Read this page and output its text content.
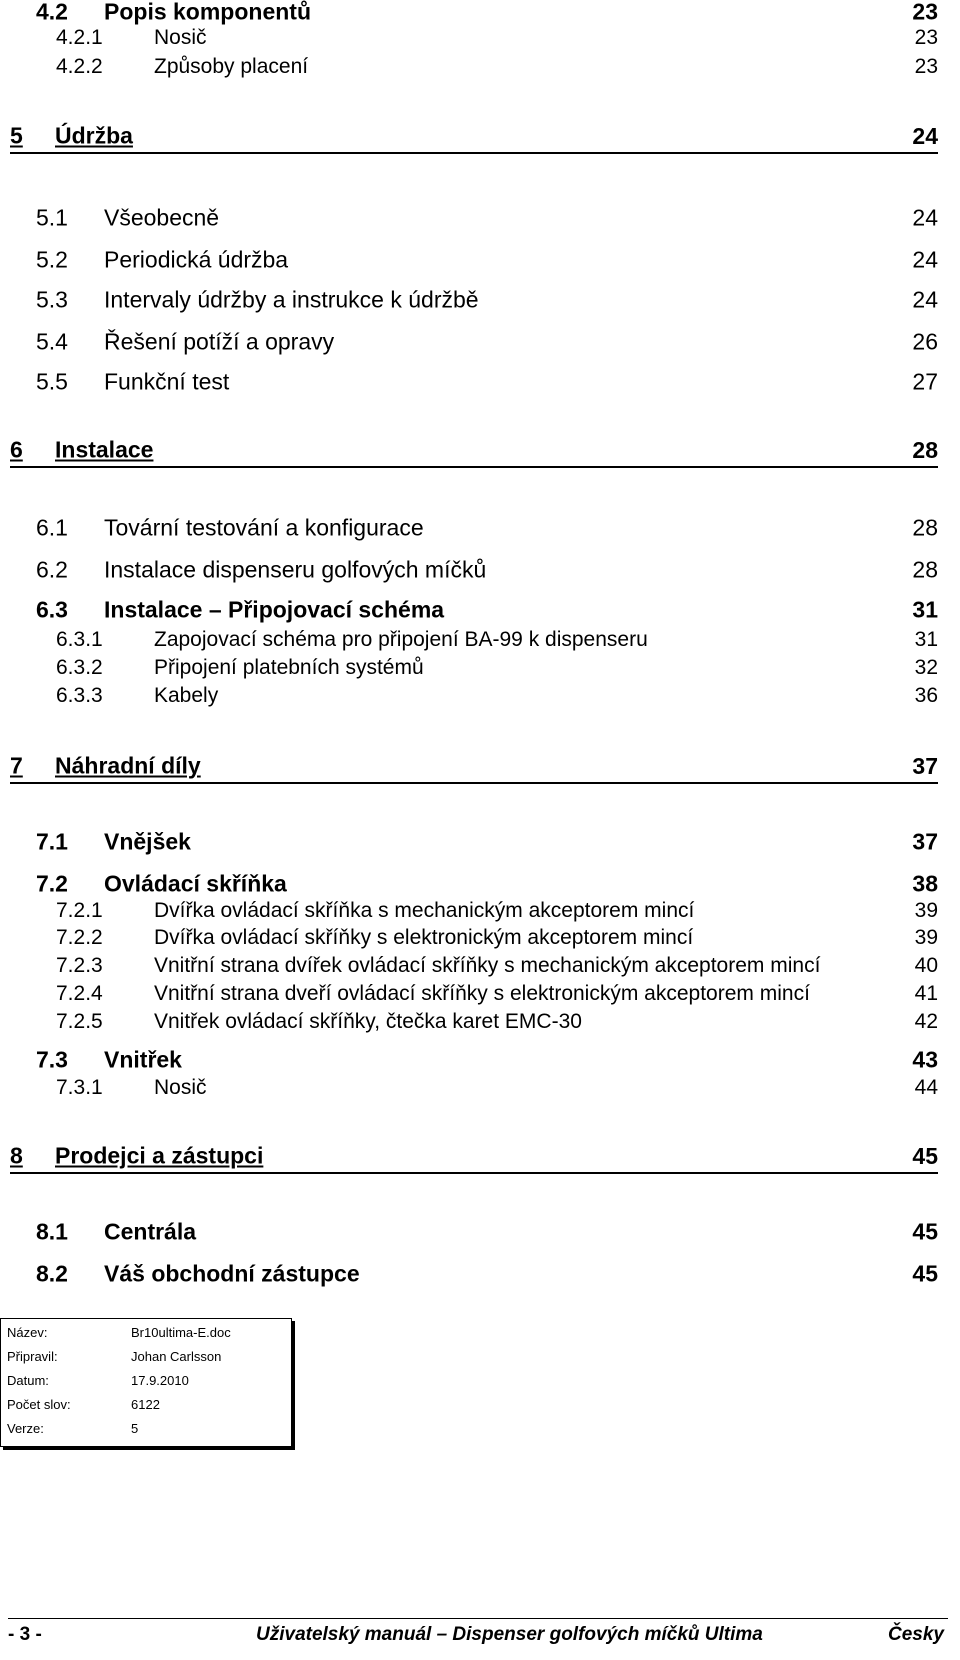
4.2 Popis komponentů	23
4.2.1 Nosič	23
4.2.2 Způsoby placení	23
5 Údržba	24
5.1 Všeobecně	24
5.2 Periodická údržba	24
5.3 Intervaly údržby a instrukce k údržbě	24
5.4 Řešení potíží a opravy	26
5.5 Funkční test	27
6 Instalace	28
6.1 Tovární testování a konfigurace	28
6.2 Instalace dispenseru golfových míčků	28
6.3 Instalace – Připojovací schéma	31
6.3.1 Zapojovací schéma pro připojení BA-99 k dispenseru	31
6.3.2 Připojení platebních systémů	32
6.3.3 Kabely	36
7 Náhradní díly	37
7.1 Vnějšek	37
7.2 Ovládací skříňka	38
7.2.1 Dvířka ovládací skříňka s mechanickým akceptorem mincí	39
7.2.2 Dvířka ovládací skříňky s elektronickým akceptorem mincí	39
7.2.3 Vnitřní strana dvířek ovládací skříňky s mechanickým akceptorem mincí	40
7.2.4 Vnitřní strana dveří ovládací skříňky s elektronickým akceptorem mincí	41
7.2.5 Vnitřek ovládací skříňky, čtečka karet EMC-30	42
7.3 Vnitřek	43
7.3.1 Nosič	44
8 Prodejci a zástupci	45
8.1 Centrála	45
8.2 Váš obchodní zástupce	45
Název:	Br10ultima-E.doc
Připravil:	Johan Carlsson
Datum:	17.9.2010
Počet slov:	6122
Verze:	5
- 3 -	Uživatelský manuál – Dispenser golfových míčků Ultima	Česky
